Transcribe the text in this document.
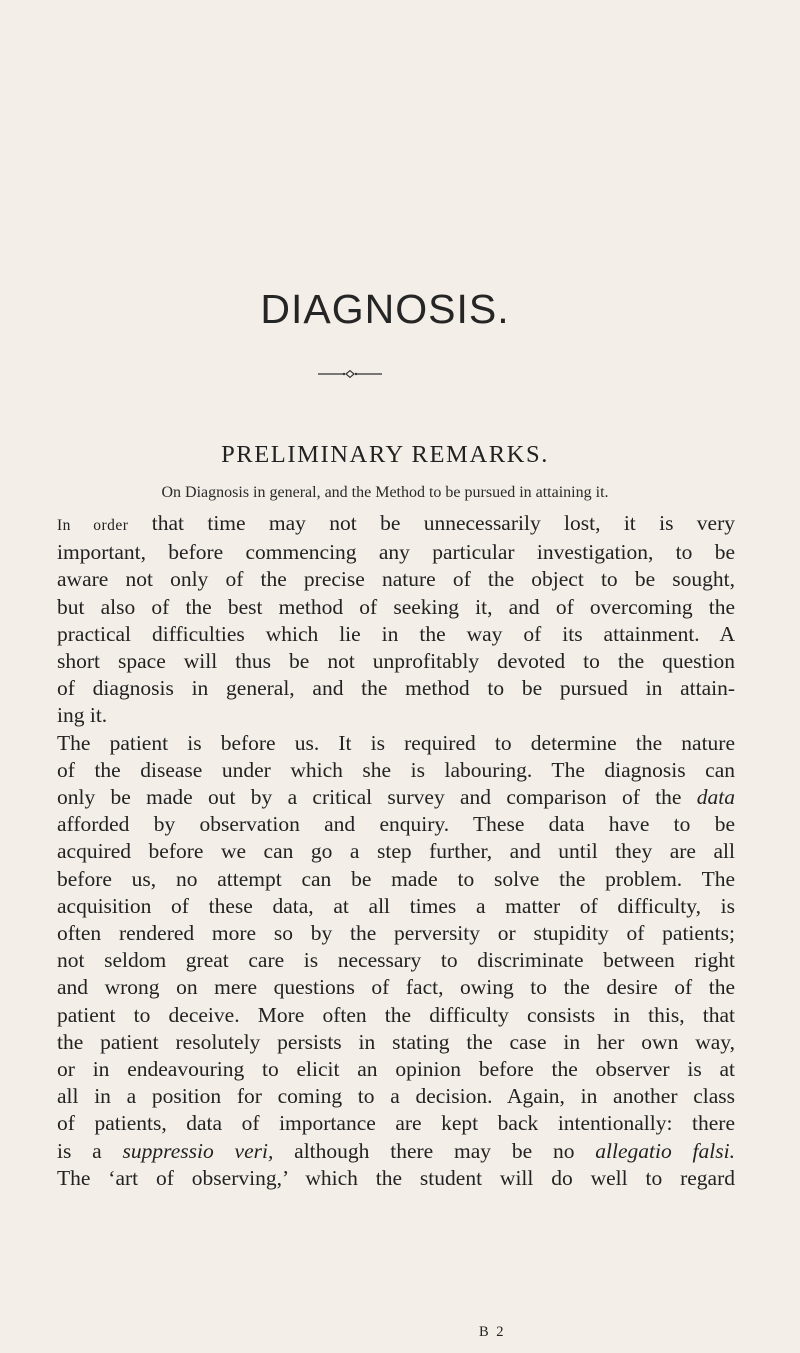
DIAGNOSIS.
PRELIMINARY REMARKS.
On Diagnosis in general, and the Method to be pursued in attaining it.

In order that time may not be unnecessarily lost, it is very
important, before commencing any particular investigation, to be
aware not only of the precise nature of the object to be sought,
but also of the best method of seeking it, and of overcoming the
practical difficulties which lie in the way of its attainment. A
short space will thus be not unprofitably devoted to the question
of diagnosis in general, and the method to be pursued in attain-
ing it.

The patient is before us. It is required to determine the nature
of the disease under which she is labouring. The diagnosis can
only be made out by a critical survey and comparison of the data
afforded by observation and enquiry. These data have to be
acquired before we can go a step further, and until they are all
before us, no attempt can be made to solve the problem. The
acquisition of these data, at all times a matter of difficulty, is
often rendered more so by the perversity or stupidity of patients;
not seldom great care is necessary to discriminate between right
and wrong on mere questions of fact, owing to the desire of the
patient to deceive. More often the difficulty consists in this, that
the patient resolutely persists in stating the case in her own way,
or in endeavouring to elicit an opinion before the observer is at
all in a position for coming to a decision. Again, in another class
of patients, data of importance are kept back intentionally: there
is a suppressio veri, although there may be no allegatio falsi.
The ‘art of observing,’ which the student will do well to regard

B 2
